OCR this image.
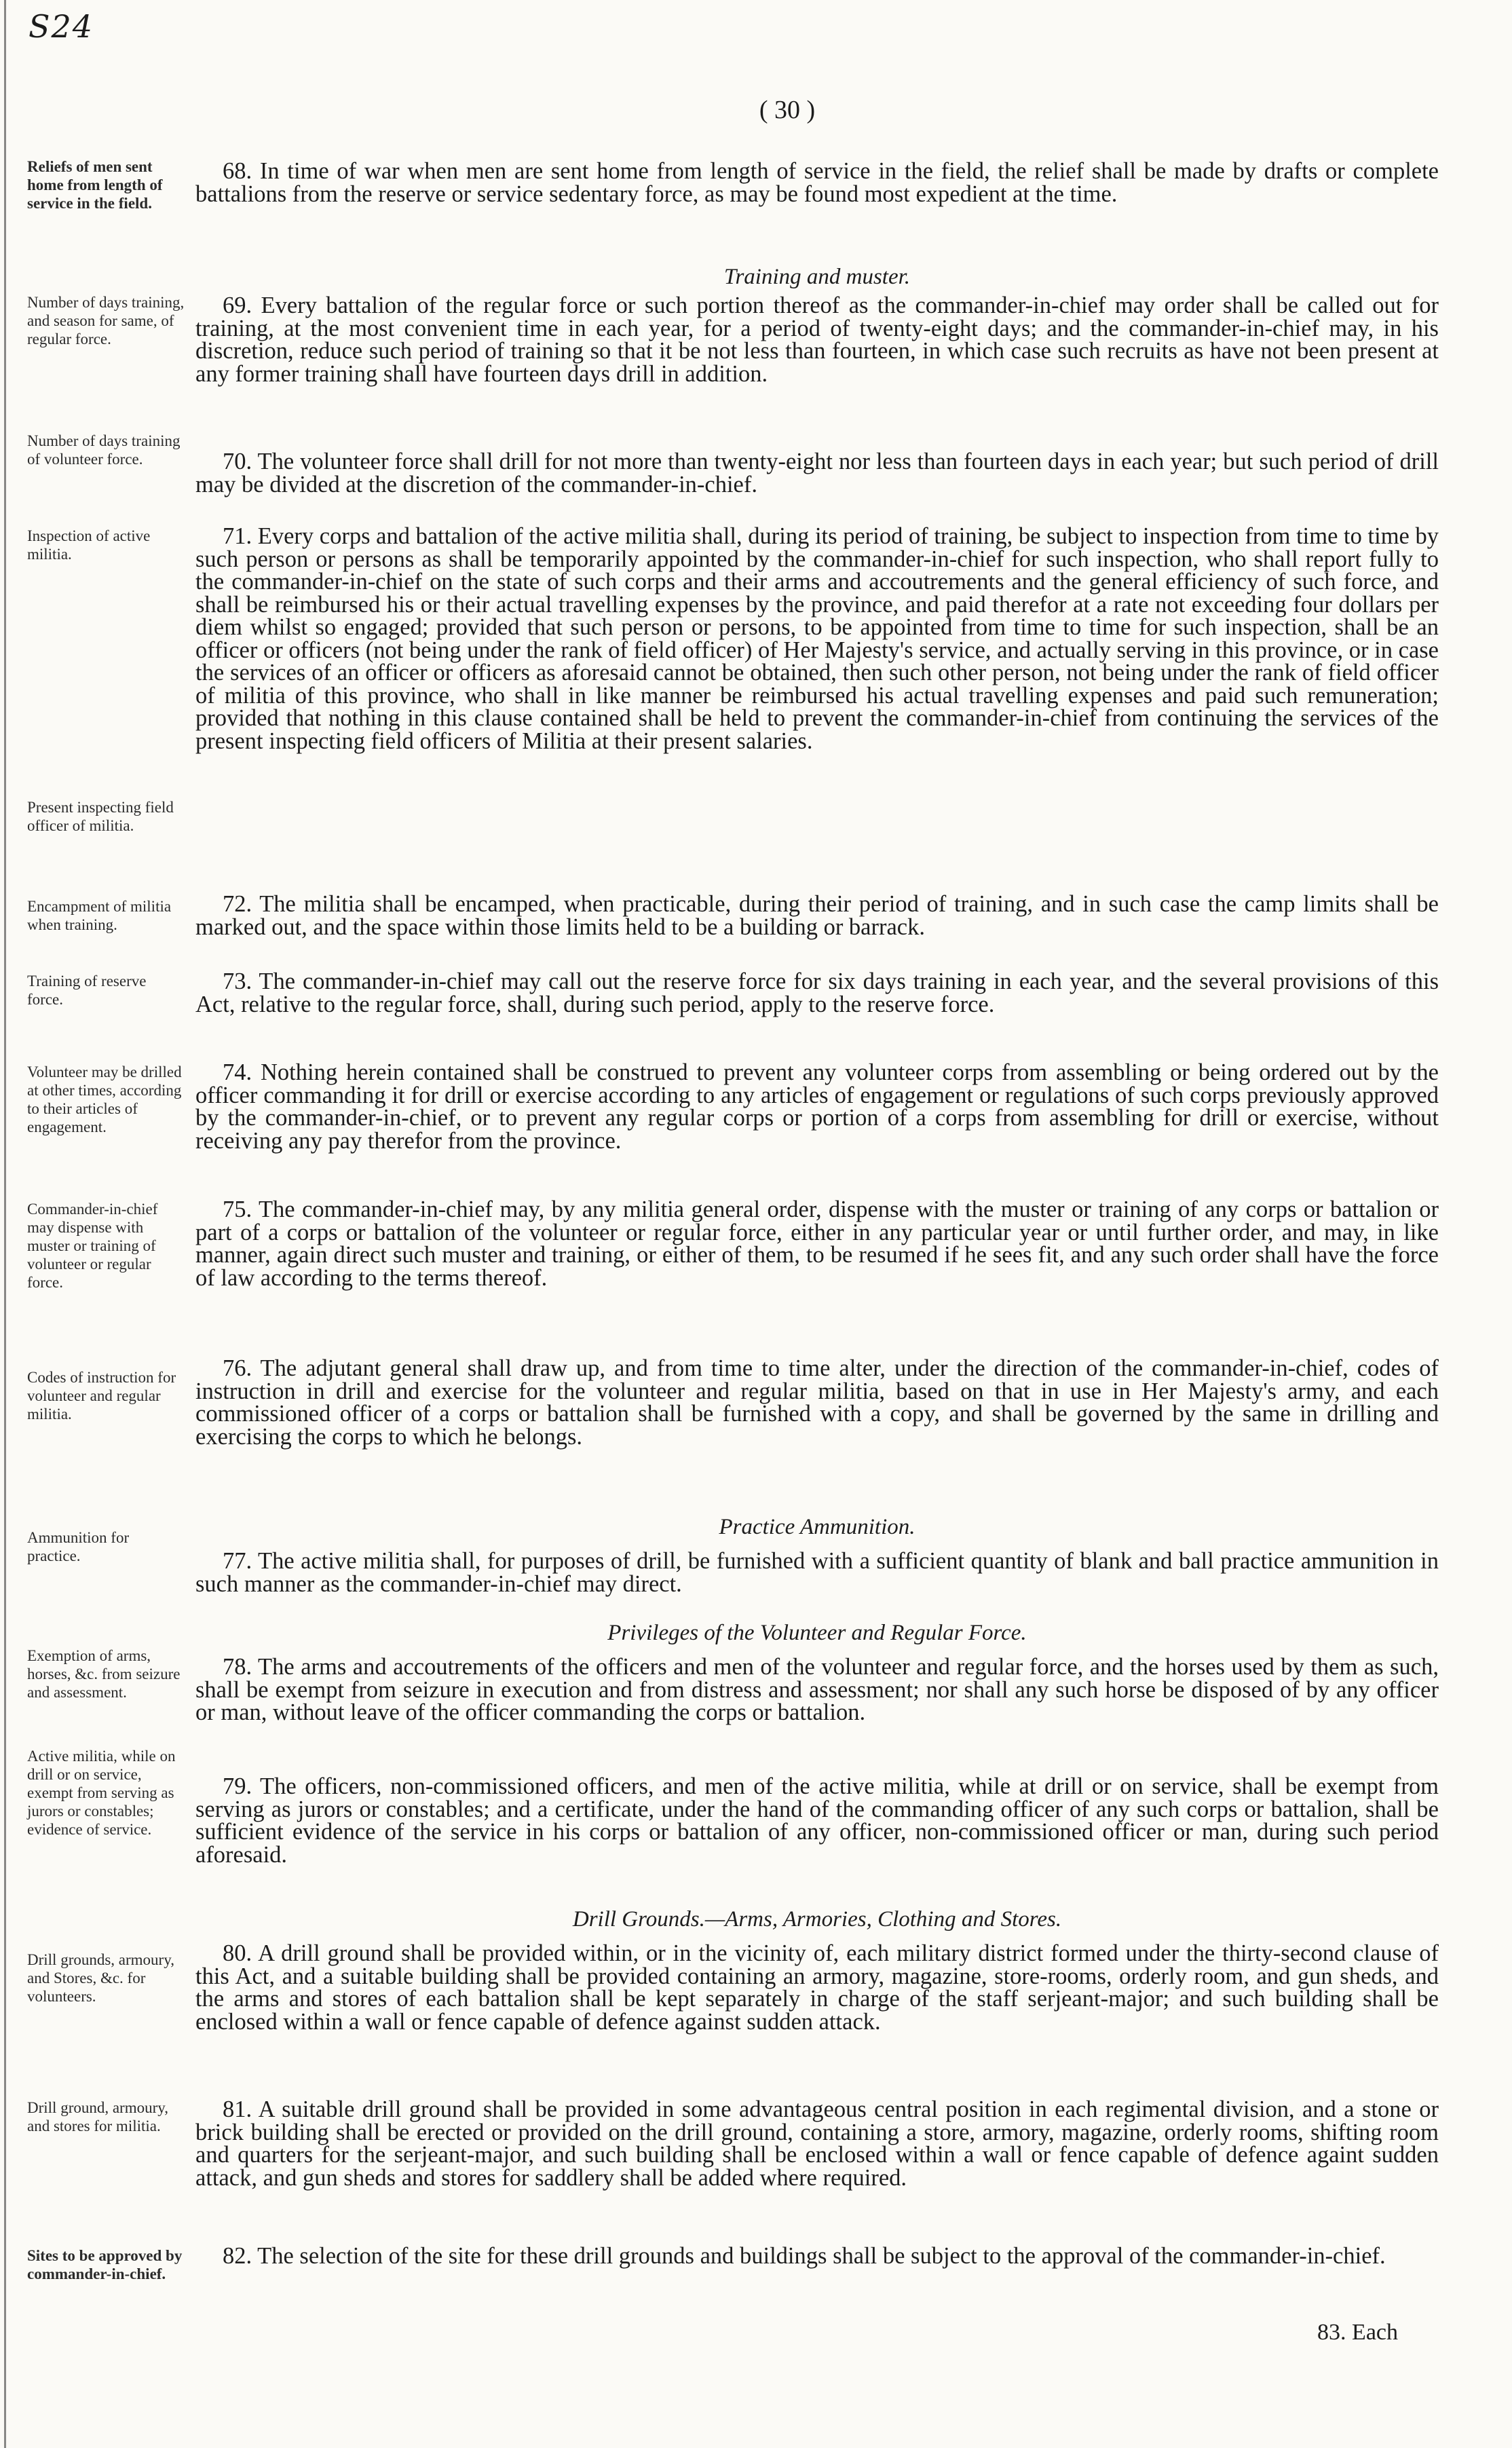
S24
( 30 )
Reliefs of men sent home from length of service in the field.
Number of days training, and season for same, of regular force.
Number of days training of volunteer force.
Inspection of active militia.
Present inspecting field officer of militia.
Encampment of militia when training.
Training of reserve force.
Volunteer may be drilled at other times, according to their articles of engagement.
Commander-in-chief may dispense with muster or training of volunteer or regular force.
Codes of instruction for volunteer and regular militia.
Ammunition for practice.
Exemption of arms, horses, &c. from seizure and assessment.
Active militia, while on drill or on service, exempt from serving as jurors or constables; evidence of service.
Drill grounds, armoury, and Stores, &c. for volunteers.
Drill ground, armoury, and stores for militia.
Sites to be approved by commander-in-chief.
68. In time of war when men are sent home from length of service in the field, the relief shall be made by drafts or complete battalions from the reserve or service sedentary force, as may be found most expedient at the time.
Training and muster.
69. Every battalion of the regular force or such portion thereof as the commander-in-chief may order shall be called out for training, at the most convenient time in each year, for a period of twenty-eight days; and the commander-in-chief may, in his discretion, reduce such period of training so that it be not less than fourteen, in which case such recruits as have not been present at any former training shall have fourteen days drill in addition.
70. The volunteer force shall drill for not more than twenty-eight nor less than fourteen days in each year; but such period of drill may be divided at the discretion of the commander-in-chief.
71. Every corps and battalion of the active militia shall, during its period of training, be subject to inspection from time to time by such person or persons as shall be temporarily appointed by the commander-in-chief for such inspection, who shall report fully to the commander-in-chief on the state of such corps and their arms and accoutrements and the general efficiency of such force, and shall be reimbursed his or their actual travelling expenses by the province, and paid therefor at a rate not exceeding four dollars per diem whilst so engaged; provided that such person or persons, to be appointed from time to time for such inspection, shall be an officer or officers (not being under the rank of field officer) of Her Majesty's service, and actually serving in this province, or in case the services of an officer or officers as aforesaid cannot be obtained, then such other person, not being under the rank of field officer of militia of this province, who shall in like manner be reimbursed his actual travelling expenses and paid such remuneration; provided that nothing in this clause contained shall be held to prevent the commander-in-chief from continuing the services of the present inspecting field officers of Militia at their present salaries.
72. The militia shall be encamped, when practicable, during their period of training, and in such case the camp limits shall be marked out, and the space within those limits held to be a building or barrack.
73. The commander-in-chief may call out the reserve force for six days training in each year, and the several provisions of this Act, relative to the regular force, shall, during such period, apply to the reserve force.
74. Nothing herein contained shall be construed to prevent any volunteer corps from assembling or being ordered out by the officer commanding it for drill or exercise according to any articles of engagement or regulations of such corps previously approved by the commander-in-chief, or to prevent any regular corps or portion of a corps from assembling for drill or exercise, without receiving any pay therefor from the province.
75. The commander-in-chief may, by any militia general order, dispense with the muster or training of any corps or battalion or part of a corps or battalion of the volunteer or regular force, either in any particular year or until further order, and may, in like manner, again direct such muster and training, or either of them, to be resumed if he sees fit, and any such order shall have the force of law according to the terms thereof.
76. The adjutant general shall draw up, and from time to time alter, under the direction of the commander-in-chief, codes of instruction in drill and exercise for the volunteer and regular militia, based on that in use in Her Majesty's army, and each commissioned officer of a corps or battalion shall be furnished with a copy, and shall be governed by the same in drilling and exercising the corps to which he belongs.
Practice Ammunition.
77. The active militia shall, for purposes of drill, be furnished with a sufficient quantity of blank and ball practice ammunition in such manner as the commander-in-chief may direct.
Privileges of the Volunteer and Regular Force.
78. The arms and accoutrements of the officers and men of the volunteer and regular force, and the horses used by them as such, shall be exempt from seizure in execution and from distress and assessment; nor shall any such horse be disposed of by any officer or man, without leave of the officer commanding the corps or battalion.
79. The officers, non-commissioned officers, and men of the active militia, while at drill or on service, shall be exempt from serving as jurors or constables; and a certificate, under the hand of the commanding officer of any such corps or battalion, shall be sufficient evidence of the service in his corps or battalion of any officer, non-commissioned officer or man, during such period aforesaid.
Drill Grounds.—Arms, Armories, Clothing and Stores.
80. A drill ground shall be provided within, or in the vicinity of, each military district formed under the thirty-second clause of this Act, and a suitable building shall be provided containing an armory, magazine, store-rooms, orderly room, and gun sheds, and the arms and stores of each battalion shall be kept separately in charge of the staff serjeant-major; and such building shall be enclosed within a wall or fence capable of defence against sudden attack.
81. A suitable drill ground shall be provided in some advantageous central position in each regimental division, and a stone or brick building shall be erected or provided on the drill ground, containing a store, armory, magazine, orderly rooms, shifting room and quarters for the serjeant-major, and such building shall be enclosed within a wall or fence capable of defence againt sudden attack, and gun sheds and stores for saddlery shall be added where required.
82. The selection of the site for these drill grounds and buildings shall be subject to the approval of the commander-in-chief.
83. Each
